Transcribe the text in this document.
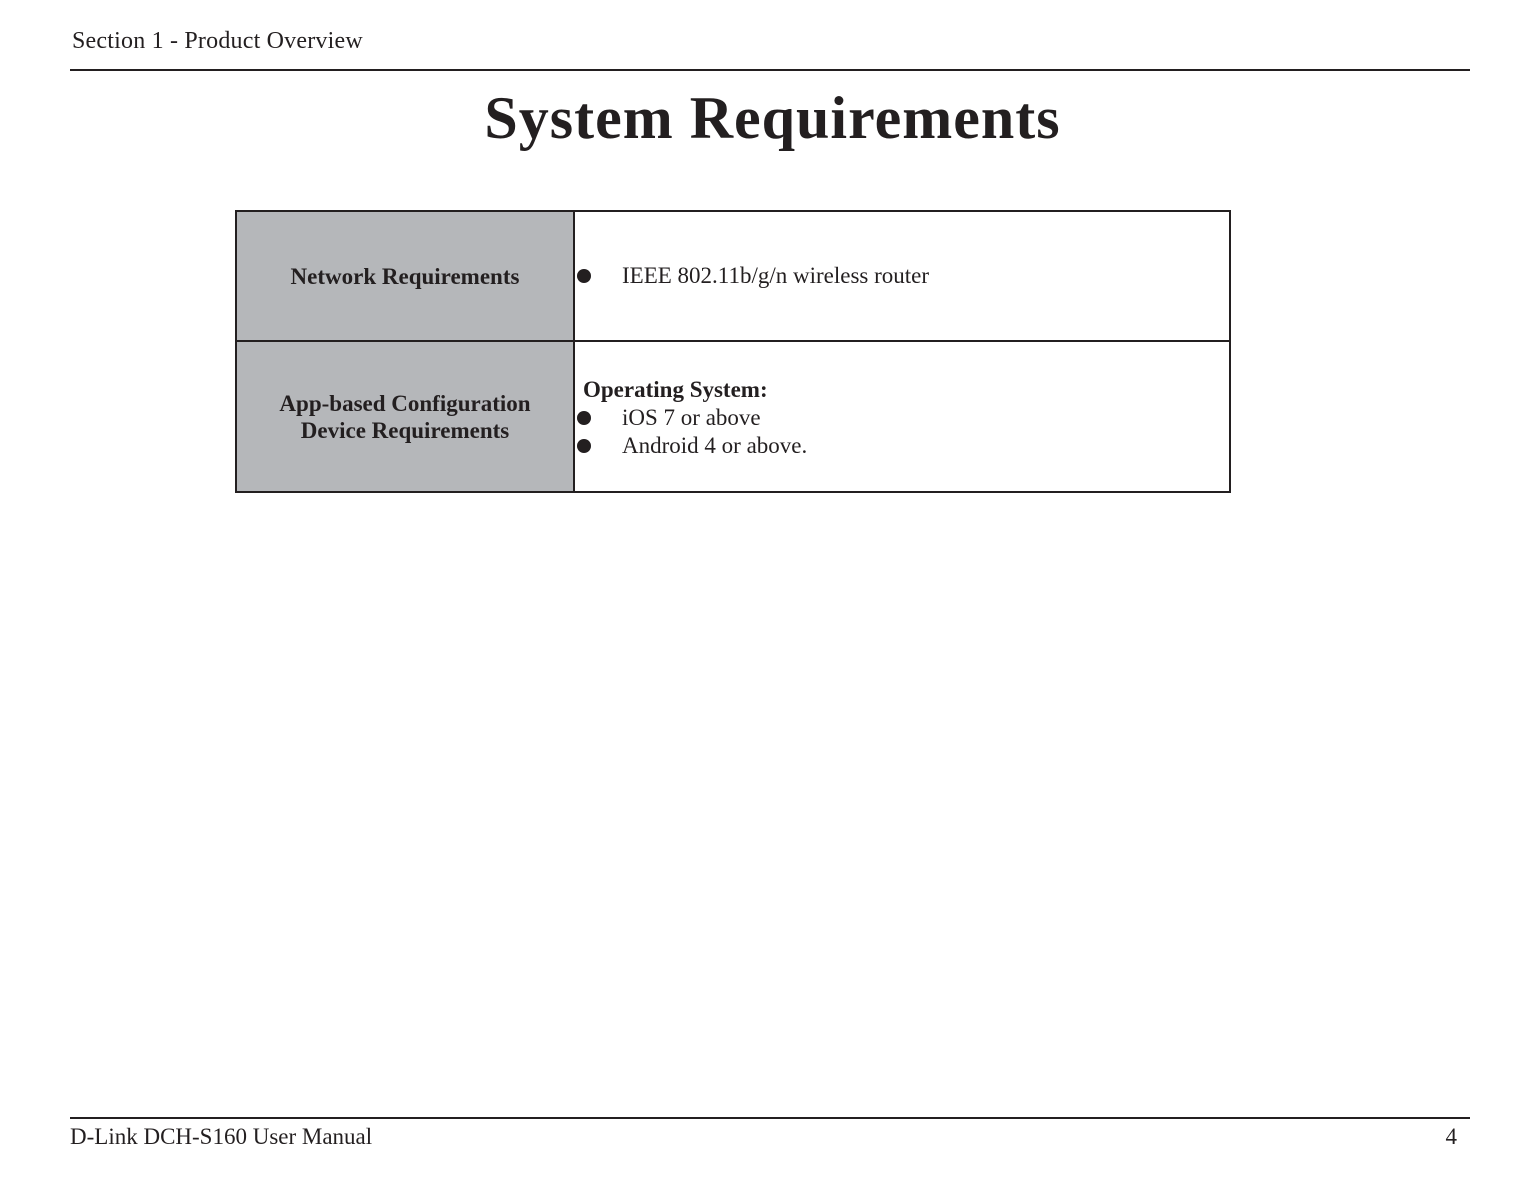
Section 1 - Product Overview
System Requirements
Network Requirements	IEEE 802.11b/g/n wireless router
App-based Configuration Device Requirements
Operating System:
iOS 7 or above
Android 4 or above.
D-Link DCH-S160 User Manual	4
